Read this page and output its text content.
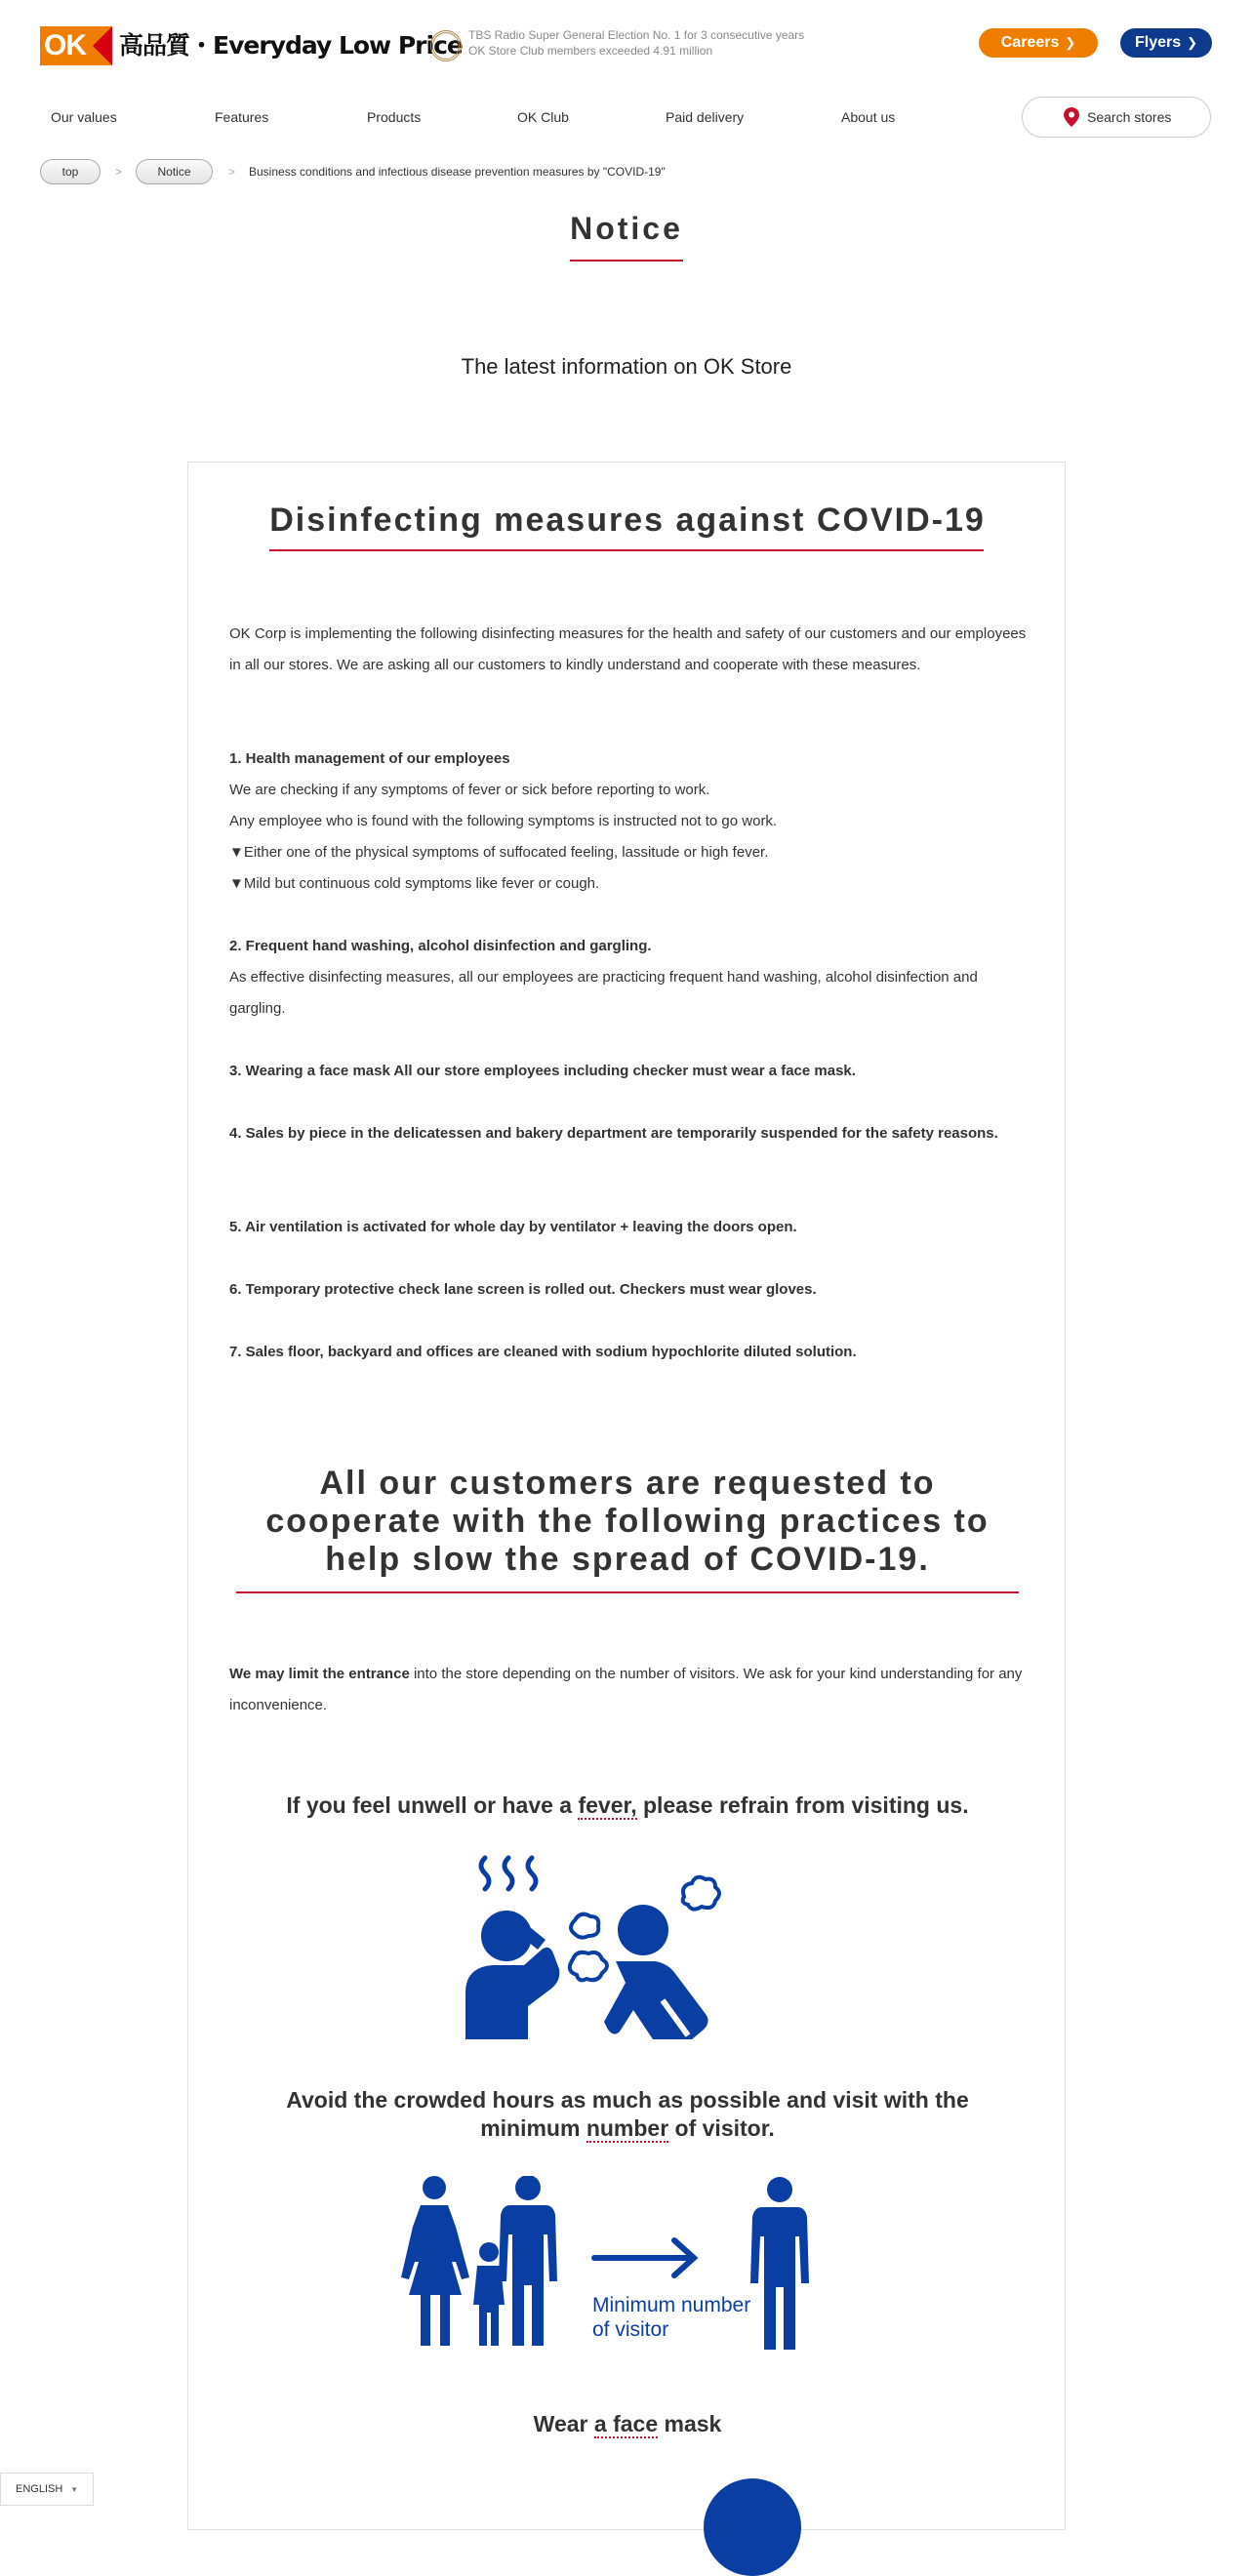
OK 高品質・Everyday Low Price TBS Radio Super General Election No. 1 for 3 consecutive years
OK Store Club members exceeded 4.91 million	Careers ❯	Flyers ❯
Our values	Features	Products	OK Club	Paid delivery	About us	Search stores
top	>	Notice	> Business conditions and infectious disease prevention measures by "COVID-19"
Notice
The latest information on OK Store
Disinfecting measures against COVID-19
OK Corp is implementing the following disinfecting measures for the health and safety of our customers and our employees in all our stores. We are asking all our customers to kindly understand and cooperate with these measures.
1. Health management of our employees
We are checking if any symptoms of fever or sick before reporting to work.
Any employee who is found with the following symptoms is instructed not to go work.
▼Either one of the physical symptoms of suffocated feeling, lassitude or high fever.
▼Mild but continuous cold symptoms like fever or cough.
2. Frequent hand washing, alcohol disinfection and gargling.
As effective disinfecting measures, all our employees are practicing frequent hand washing, alcohol disinfection and gargling.
3. Wearing a face mask All our store employees including checker must wear a face mask.
4. Sales by piece in the delicatessen and bakery department are temporarily suspended for the safety reasons.
5. Air ventilation is activated for whole day by ventilator + leaving the doors open.
6. Temporary protective check lane screen is rolled out. Checkers must wear gloves.
7. Sales floor, backyard and offices are cleaned with sodium hypochlorite diluted solution.
All our customers are requested to cooperate with the following practices to help slow the spread of COVID-19.
We may limit the entrance into the store depending on the number of visitors. We ask for your kind understanding for any inconvenience.
If you feel unwell or have a fever, please refrain from visiting us.
Avoid the crowded hours as much as possible and visit with the
minimum number of visitor.
Minimum number
of visitor
Wear a face mask
ENGLISH ▼
